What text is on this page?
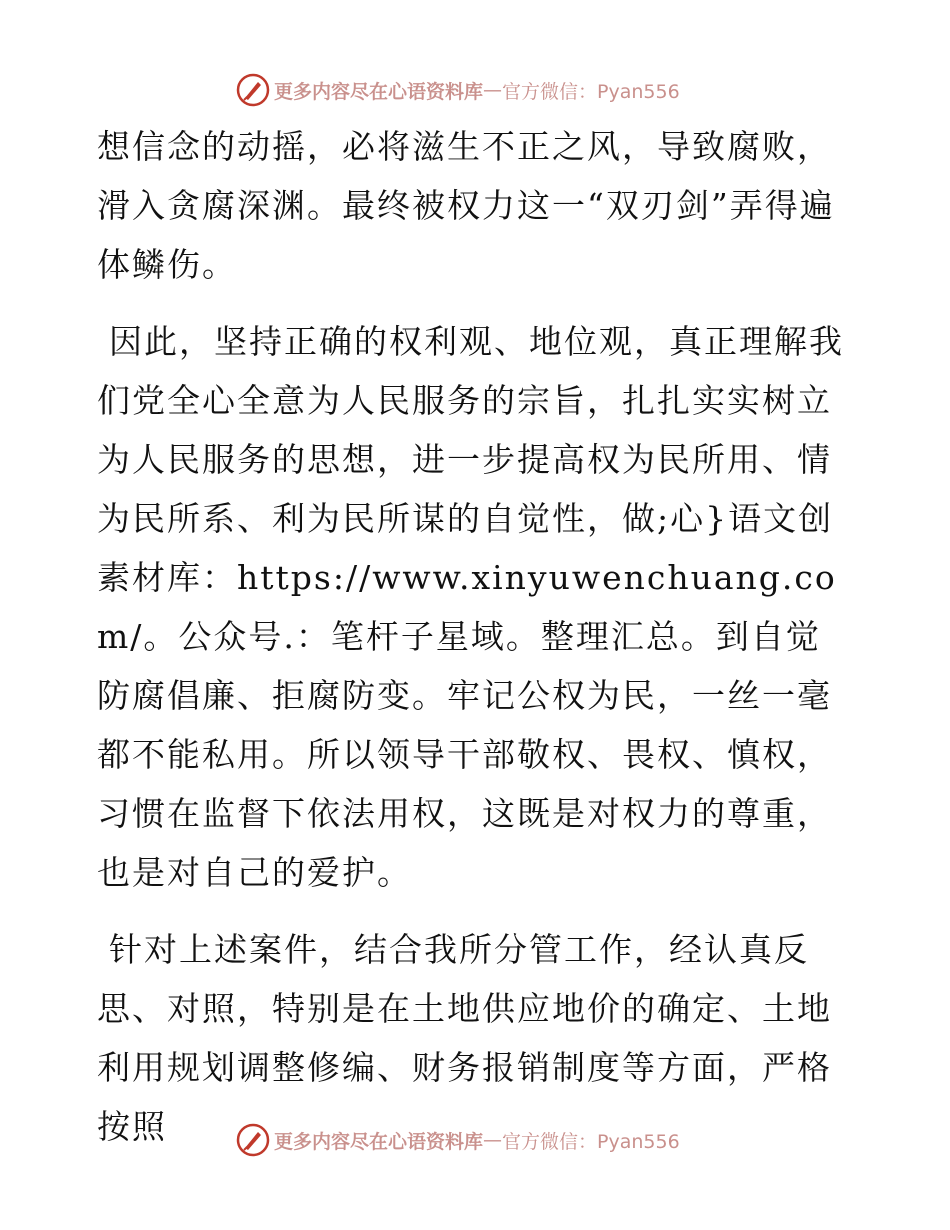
更多内容尽在心语资料库 — 官方微信：Pyan556

想信念的动摇，必将滋生不正之风，导致腐败，滑入贪腐深渊。最终被权力这一“双刃剑”弄得遍体鳞伤。

因此，坚持正确的权利观、地位观，真正理解我们党全心全意为人民服务的宗旨，扎扎实实树立为人民服务的思想，进一步提高权为民所用、情为民所系、利为民所谋的自觉性，做;心}语文创素材库：https://www.xinyuwenchuang.com/。公众号.：笔杆子星域。整理汇总。到自觉防腐倡廉、拒腐防变。牢记公权为民，一丝一毫都不能私用。所以领导干部敬权、畏权、慎权，习惯在监督下依法用权，这既是对权力的尊重，也是对自己的爱护。

针对上述案件，结合我所分管工作，经认真反思、对照，特别是在土地供应地价的确定、土地利用规划调整修编、财务报销制度等方面，严格按照	更多内容尽在心语资料库 — 官方微信：Pyan556
